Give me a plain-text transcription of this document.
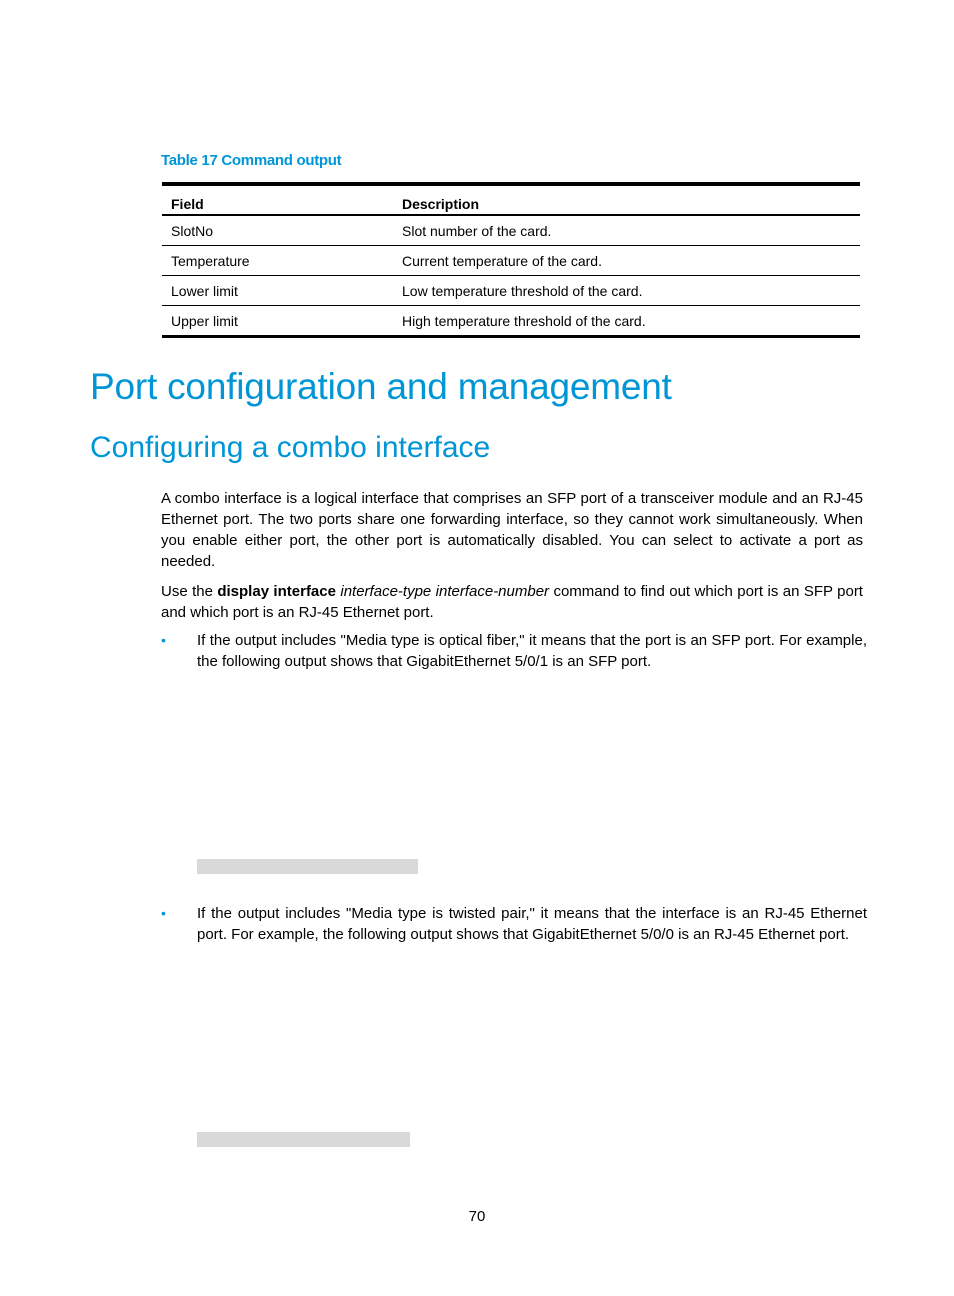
Table 17 Command output
Field	Description
SlotNo	Slot number of the card.
Temperature	Current temperature of the card.
Lower limit	Low temperature threshold of the card.
Upper limit	High temperature threshold of the card.
Port configuration and management
Configuring a combo interface
A combo interface is a logical interface that comprises an SFP port of a transceiver module and an RJ-45 Ethernet port. The two ports share one forwarding interface, so they cannot work simultaneously. When you enable either port, the other port is automatically disabled. You can select to activate a port as needed.
Use the display interface interface-type interface-number command to find out which port is an SFP port and which port is an RJ-45 Ethernet port.
• If the output includes "Media type is optical fiber," it means that the port is an SFP port. For example, the following output shows that GigabitEthernet 5/0/1 is an SFP port.
• If the output includes "Media type is twisted pair," it means that the interface is an RJ-45 Ethernet port. For example, the following output shows that GigabitEthernet 5/0/0 is an RJ-45 Ethernet port.
70
